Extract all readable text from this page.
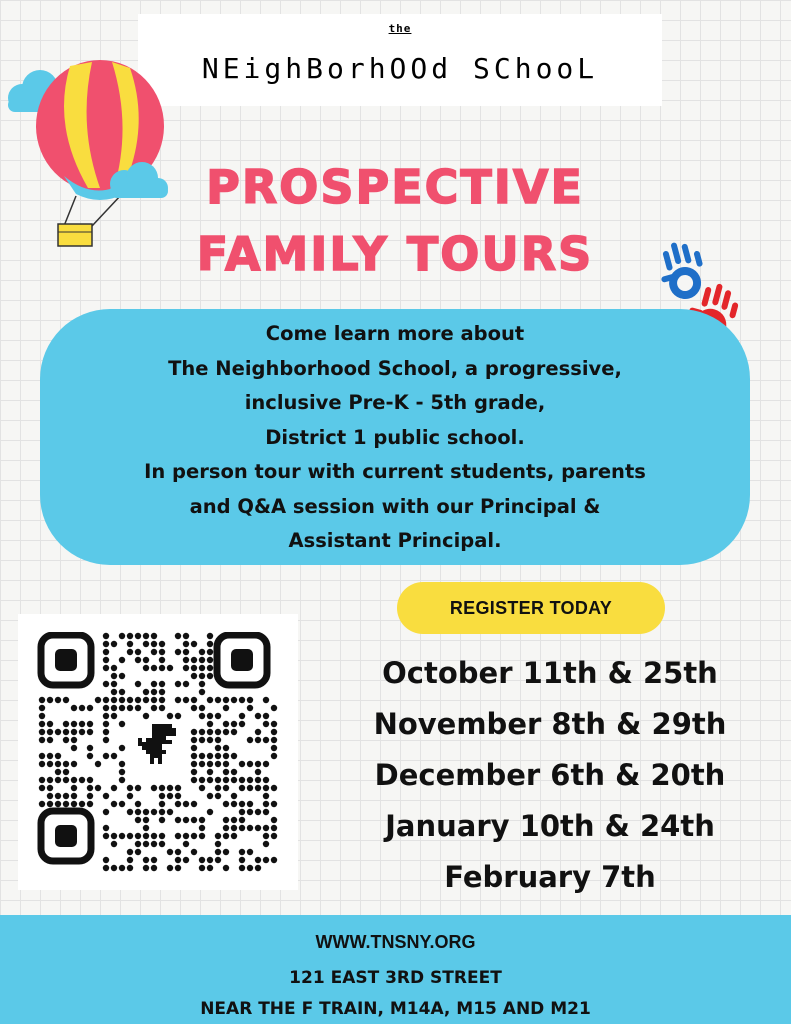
the
NEighBorhOOd SChooL
PROSPECTIVE
FAMILY TOURS
Come learn more about
The Neighborhood School, a progressive,
inclusive Pre-K - 5th grade,
District 1 public school.
In person tour with current students, parents
and Q&A session with our Principal &
Assistant Principal.
REGISTER TODAY
October 11th & 25th
November 8th & 29th
December 6th & 20th
January 10th & 24th
February 7th
WWW.TNSNY.ORG
121 EAST 3RD STREET
NEAR THE F TRAIN, M14A, M15 AND M21
